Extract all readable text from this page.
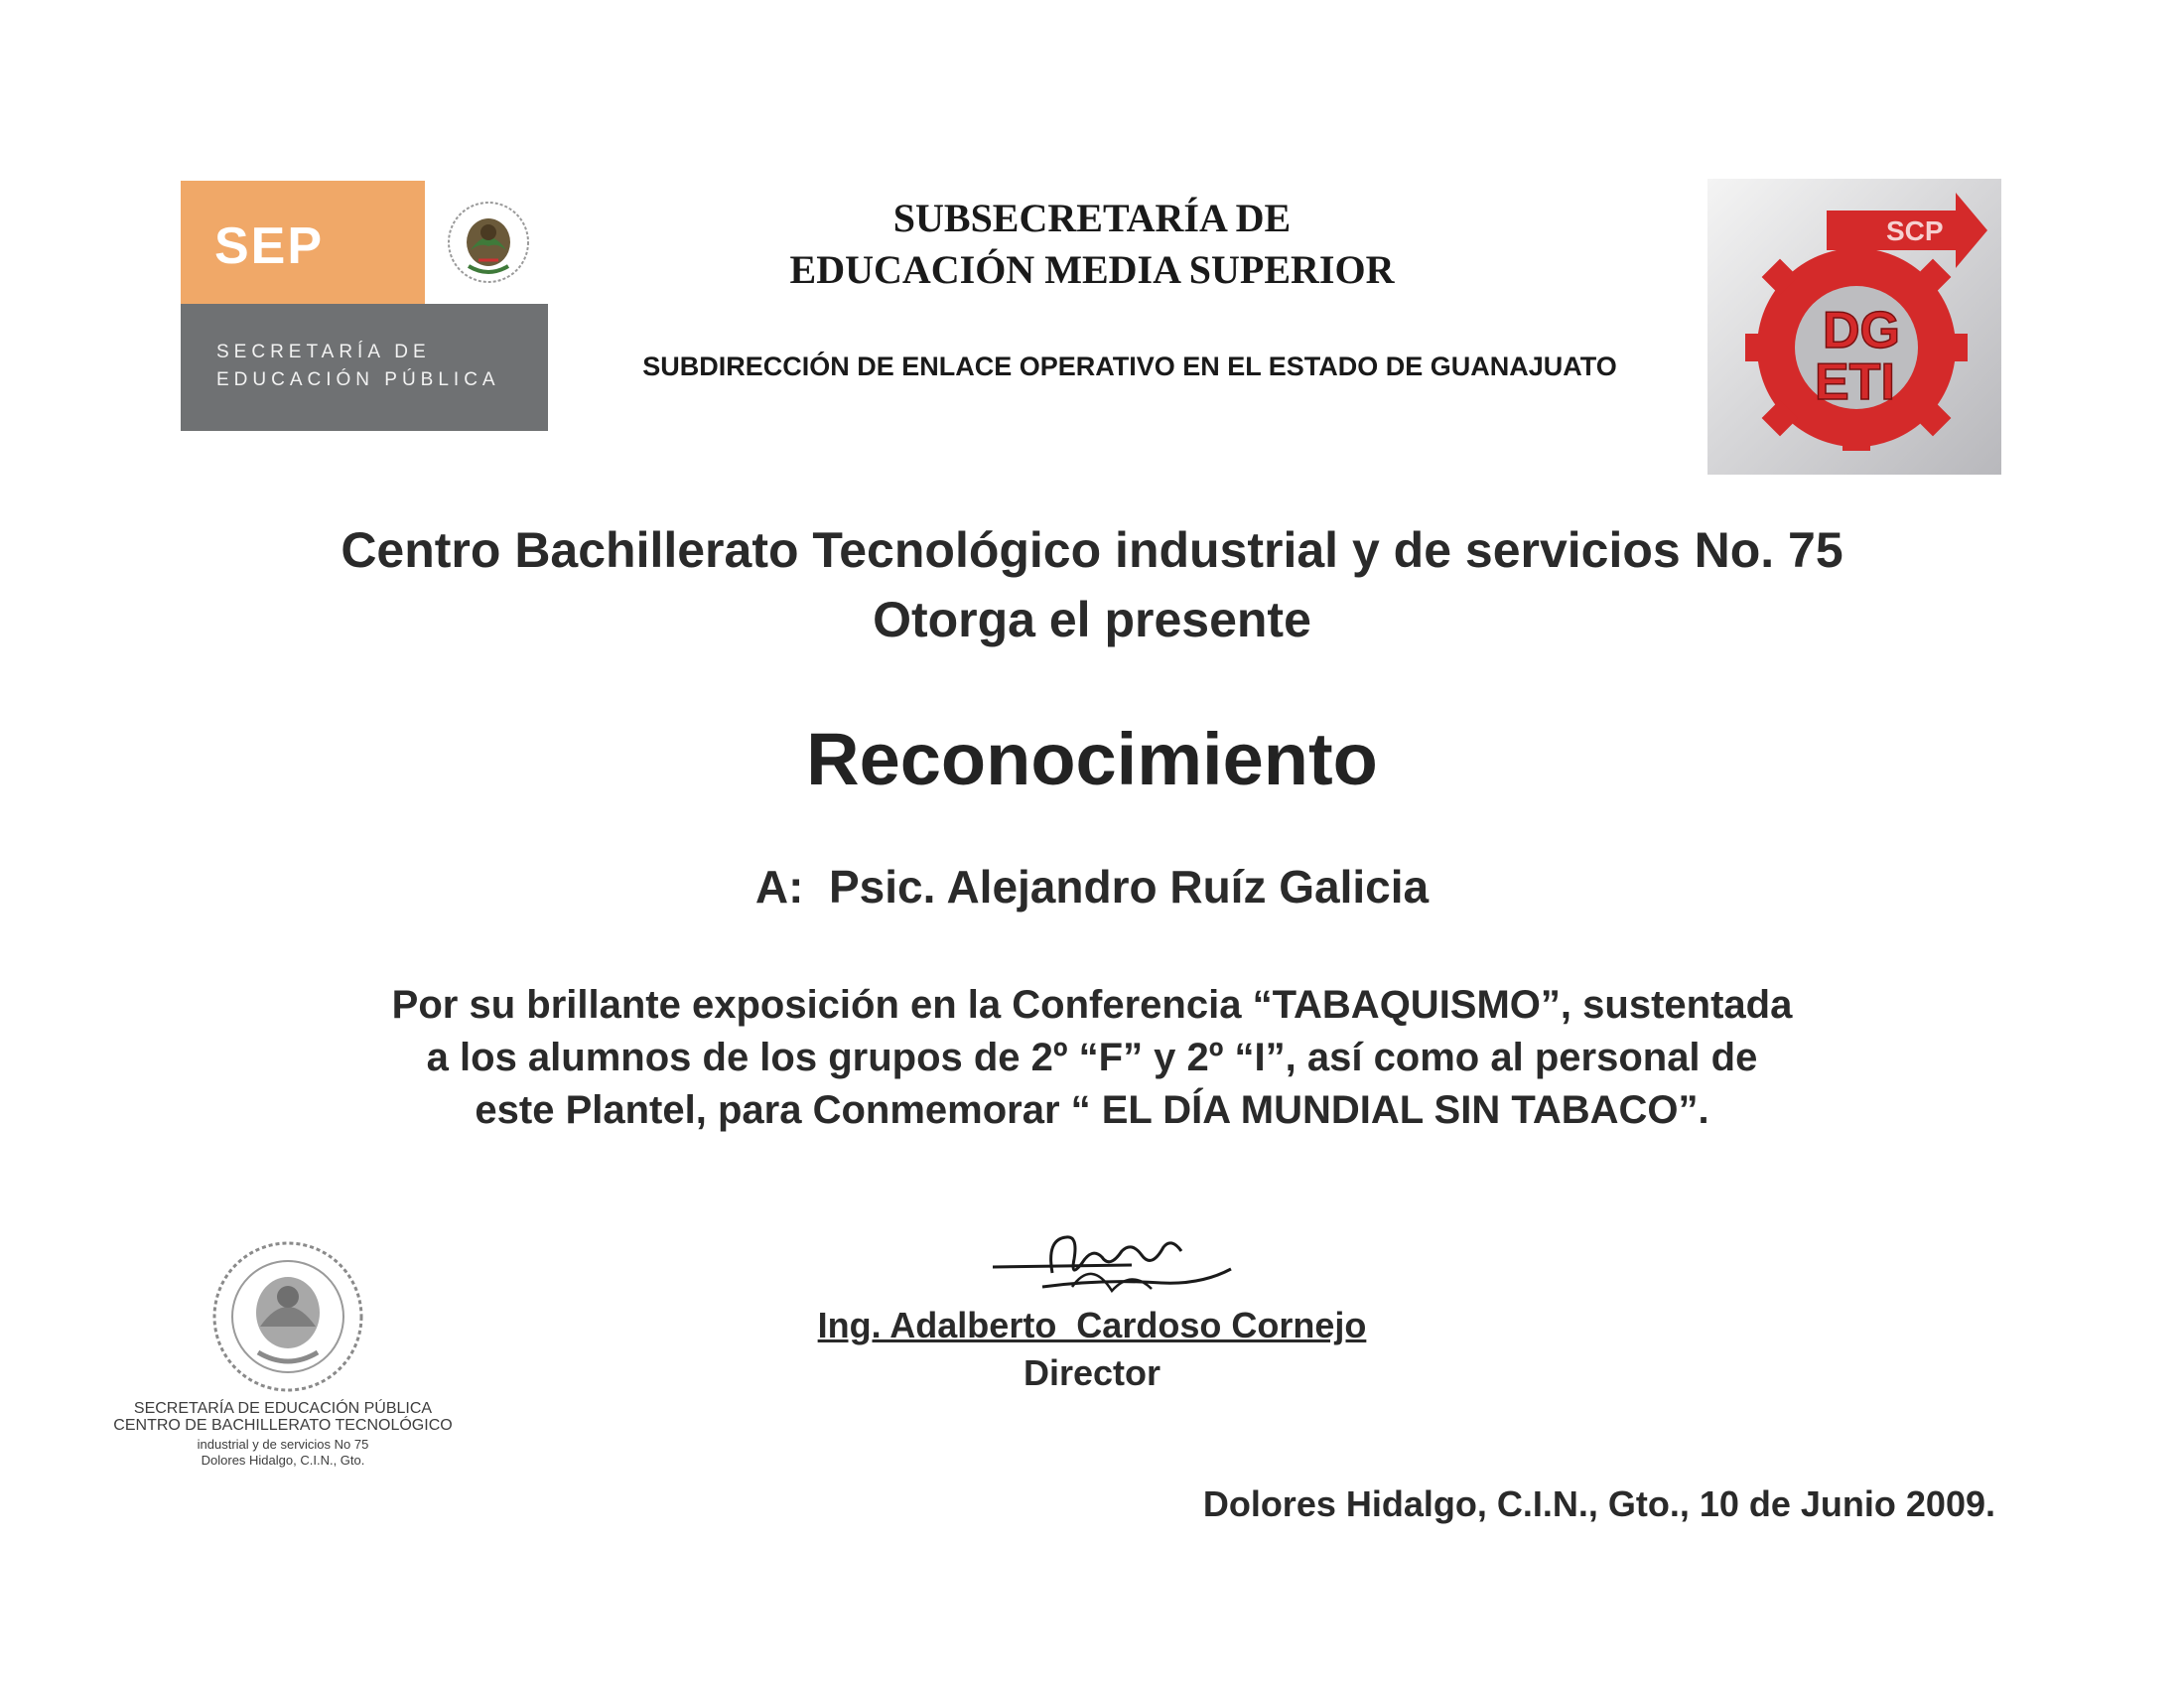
SEP
SECRETARÍA DE
EDUCACIÓN PÚBLICA
SUBSECRETARÍA DE
EDUCACIÓN MEDIA SUPERIOR
SUBDIRECCIÓN DE ENLACE OPERATIVO EN EL ESTADO DE GUANAJUATO
SCP
DG
ETI
Centro Bachillerato Tecnológico industrial y de servicios No. 75
Otorga el presente
Reconocimiento
A:  Psic. Alejandro Ruíz Galicia
Por su brillante exposición en la Conferencia “TABAQUISMO”, sustentada
a los alumnos de los grupos de 2º “F” y 2º “I”, así como al personal de
este Plantel, para Conmemorar “ EL DÍA MUNDIAL SIN TABACO”.
Ing. Adalberto  Cardoso Cornejo
Director
SECRETARÍA DE EDUCACIÓN PÚBLICA
CENTRO DE BACHILLERATO TECNOLÓGICO
industrial y de servicios No 75
Dolores Hidalgo, C.I.N., Gto.
Dolores Hidalgo, C.I.N., Gto., 10 de Junio 2009.
